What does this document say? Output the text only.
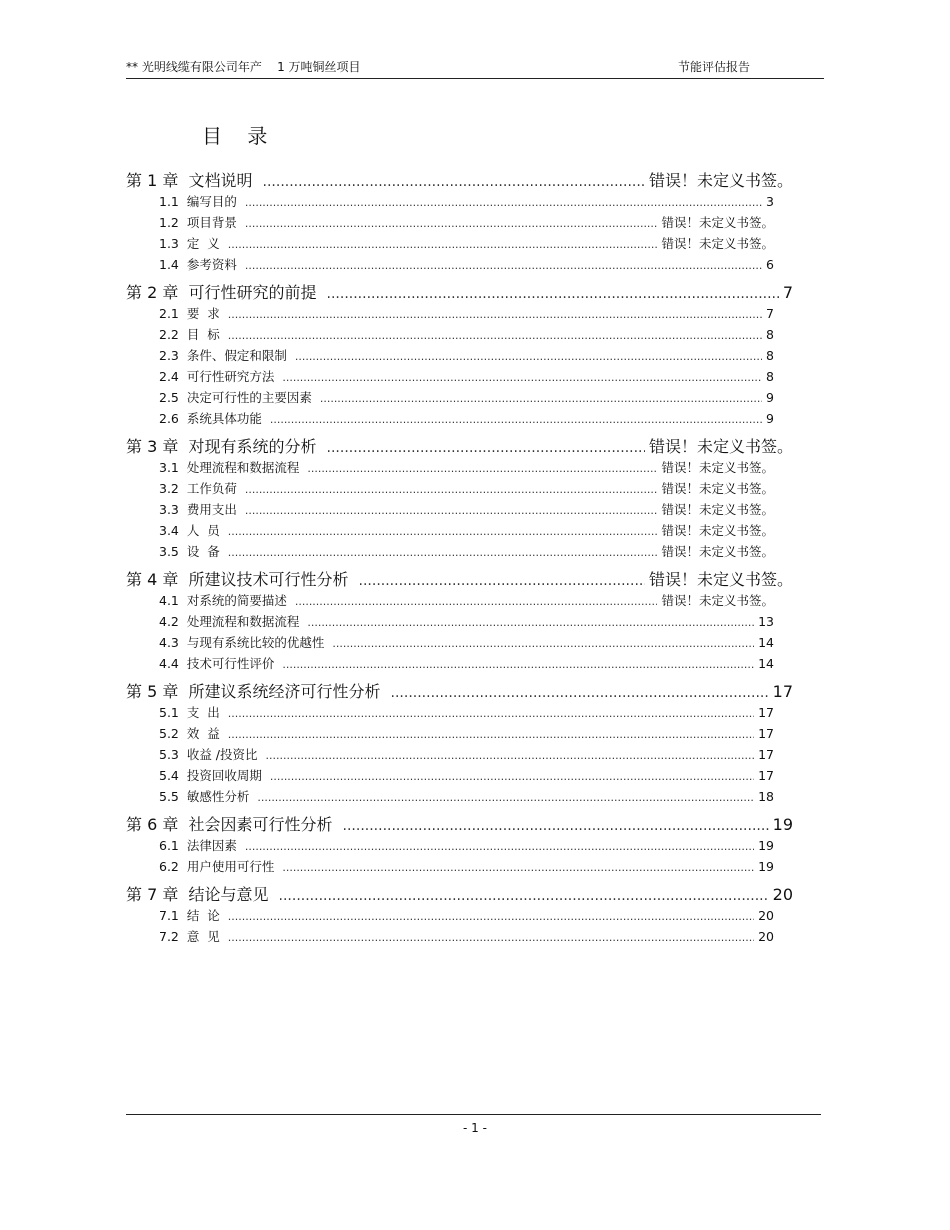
** 光明线缆有限公司年产    1 万吨铜丝项目	节能评估报告
目    录
第 1 章  文档说明 .....	错误！未定义书签。
1.1  编写目的 .....	3
1.2  项目背景 .....	错误！未定义书签。
1.3  定  义 .....	错误！未定义书签。
1.4  参考资料 .....	6
第 2 章  可行性研究的前提 .....	7
2.1  要  求 .....	7
2.2  目  标 .....	8
2.3  条件、假定和限制 .....	8
2.4  可行性研究方法 .....	8
2.5  决定可行性的主要因素 .....	9
2.6  系统具体功能 .....	9
第 3 章  对现有系统的分析 .....	错误！未定义书签。
3.1  处理流程和数据流程 .....	错误！未定义书签。
3.2  工作负荷 .....	错误！未定义书签。
3.3  费用支出 .....	错误！未定义书签。
3.4  人  员 .....	错误！未定义书签。
3.5  设  备 .....	错误！未定义书签。
第 4 章  所建议技术可行性分析 .....	错误！未定义书签。
4.1  对系统的简要描述 .....	错误！未定义书签。
4.2  处理流程和数据流程 .....	13
4.3  与现有系统比较的优越性 .....	14
4.4  技术可行性评价 .....	14
第 5 章  所建议系统经济可行性分析 .....	17
5.1  支  出 .....	17
5.2  效  益 .....	17
5.3  收益 /投资比 .....	17
5.4  投资回收周期 .....	17
5.5  敏感性分析 .....	18
第 6 章  社会因素可行性分析 .....	19
6.1  法律因素 .....	19
6.2  用户使用可行性 .....	19
第 7 章  结论与意见 .....	20
7.1  结  论 .....	20
7.2  意  见 .....	20
- 1 -
